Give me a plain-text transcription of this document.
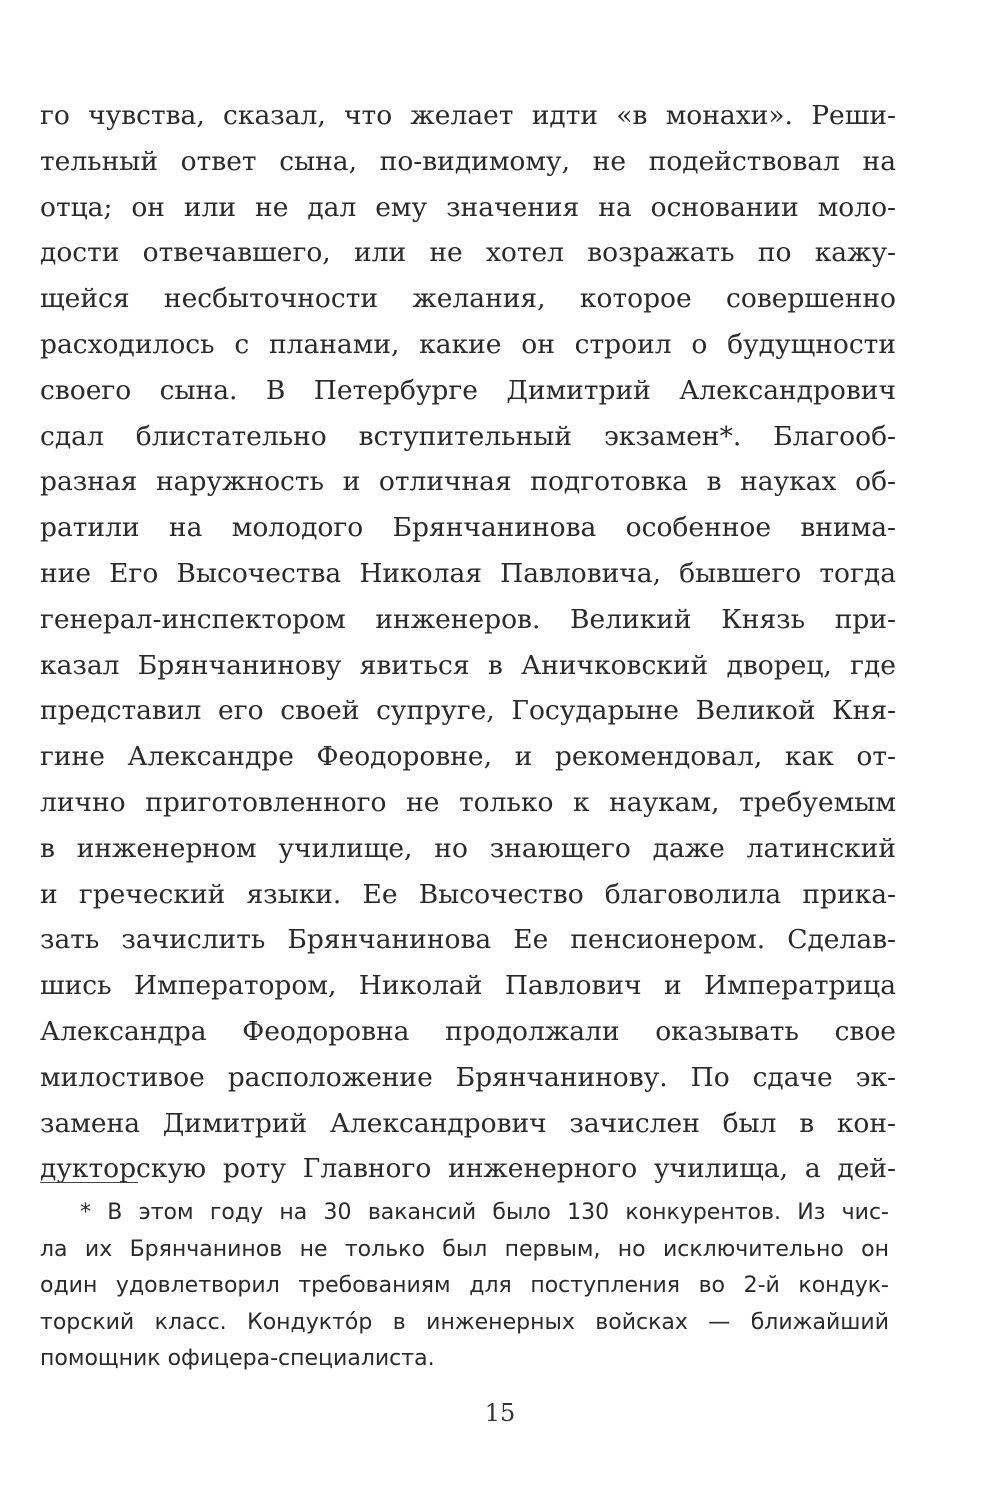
го чувства, сказал, что желает идти «в монахи». Реши-
тельный ответ сына, по-видимому, не подействовал на
отца; он или не дал ему значения на основании моло-
дости отвечавшего, или не хотел возражать по кажу-
щейся несбыточности желания, которое совершенно
расходилось с планами, какие он строил о будущности
своего сына. В Петербурге Димитрий Александрович
сдал блистательно вступительный экзамен*. Благооб-
разная наружность и отличная подготовка в науках об-
ратили на молодого Брянчанинова особенное внима-
ние Его Высочества Николая Павловича, бывшего тогда
генерал-инспектором инженеров. Великий Князь при-
казал Брянчанинову явиться в Аничковский дворец, где
представил его своей супруге, Государыне Великой Кня-
гине Александре Феодоровне, и рекомендовал, как от-
лично приготовленного не только к наукам, требуемым
в инженерном училище, но знающего даже латинский
и греческий языки. Ее Высочество благоволила прика-
зать зачислить Брянчанинова Ее пенсионером. Сделав-
шись Императором, Николай Павлович и Императрица
Александра Феодоровна продолжали оказывать свое
милостивое расположение Брянчанинову. По сдаче эк-
замена Димитрий Александрович зачислен был в кон-
дукторскую роту Главного инженерного училища, а дей-
* В этом году на 30 вакансий было 130 конкурентов. Из чис-
ла их Брянчанинов не только был первым, но исключительно он
один удовлетворил требованиям для поступления во 2-й кондук-
торский класс. Кондуктóр в инженерных войсках — ближайший
помощник офицера-специалиста.
15
